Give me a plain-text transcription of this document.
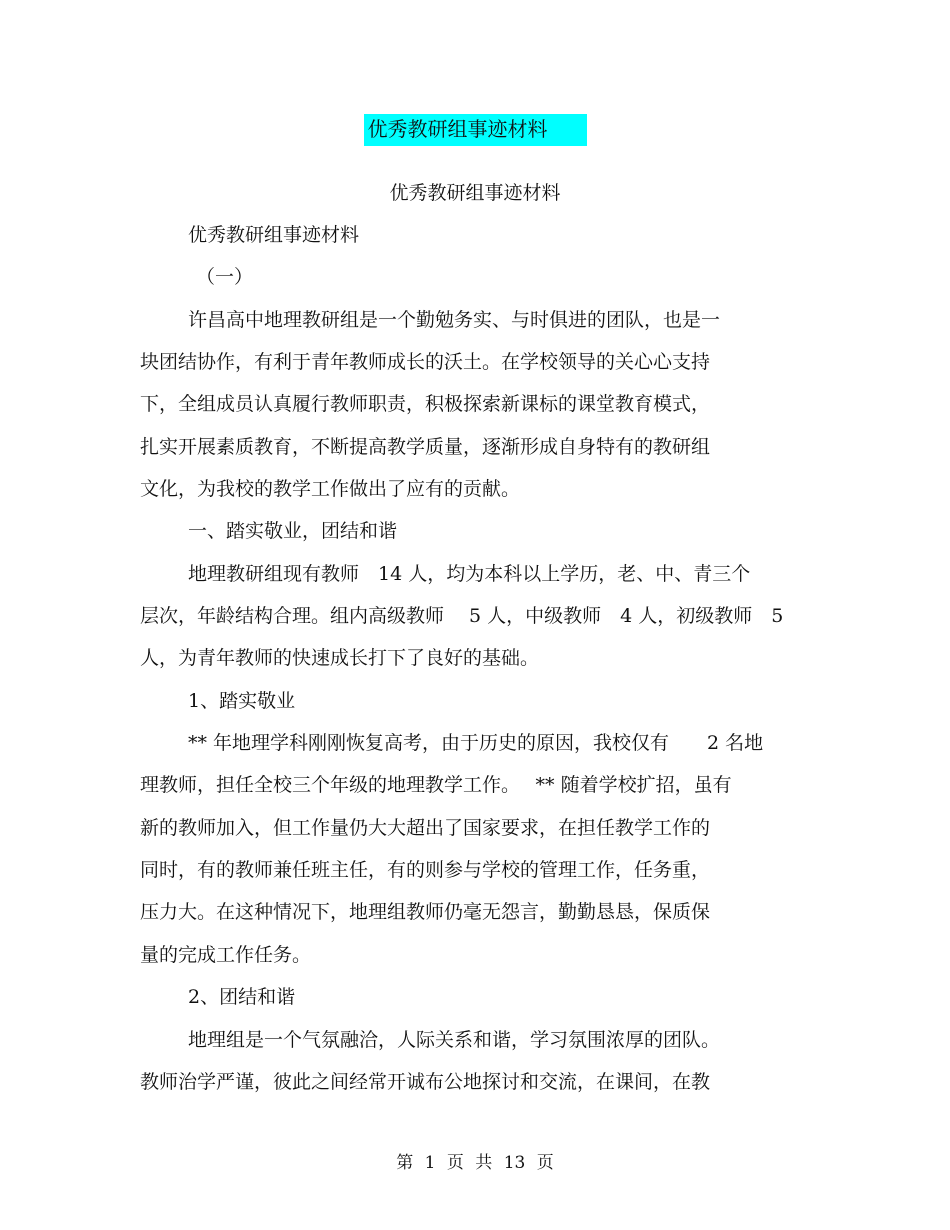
优秀教研组事迹材料
优秀教研组事迹材料
优秀教研组事迹材料
（一）
许昌高中地理教研组是一个勤勉务实、与时俱进的团队，也是一
块团结协作，有利于青年教师成长的沃土。在学校领导的关心心支持
下，全组成员认真履行教师职责，积极探索新课标的课堂教育模式，
扎实开展素质教育，不断提高教学质量，逐渐形成自身特有的教研组
文化，为我校的教学工作做出了应有的贡献。
一、踏实敬业，团结和谐
地理教研组现有教师　14 人，均为本科以上学历，老、中、青三个
层次，年龄结构合理。组内高级教师　 5 人，中级教师　4 人，初级教师　5
人，为青年教师的快速成长打下了良好的基础。
1、踏实敬业
** 年地理学科刚刚恢复高考，由于历史的原因，我校仅有　　2 名地
理教师，担任全校三个年级的地理教学工作。　 ** 随着学校扩招，虽有
新的教师加入，但工作量仍大大超出了国家要求，在担任教学工作的
同时，有的教师兼任班主任，有的则参与学校的管理工作，任务重，
压力大。在这种情况下，地理组教师仍毫无怨言，勤勤恳恳，保质保
量的完成工作任务。
2、团结和谐
地理组是一个气氛融洽，人际关系和谐，学习氛围浓厚的团队。
教师治学严谨，彼此之间经常开诚布公地探讨和交流，在课间，在教
第 1 页 共 13 页
